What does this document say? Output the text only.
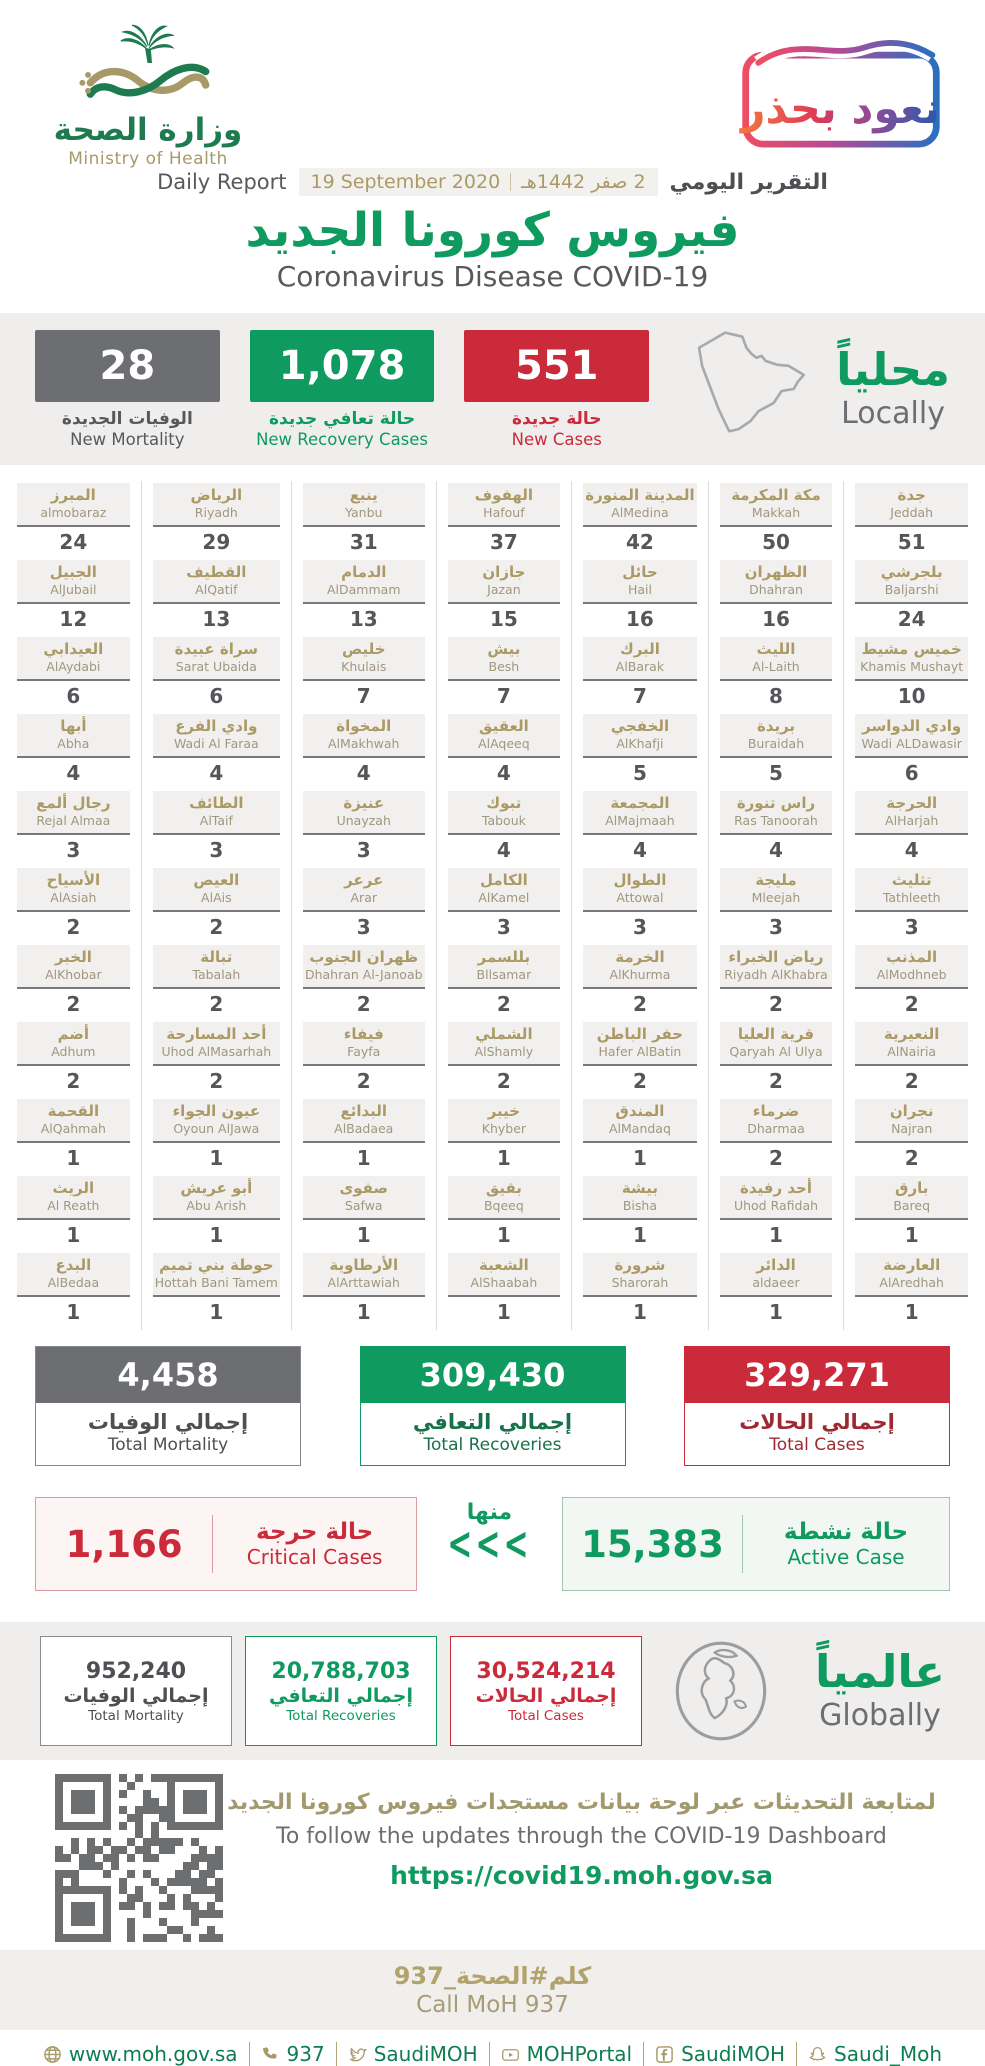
وزارة الصحة
Ministry of Health
نعود بحذر
Daily Report 19 September 2020 2 صفر 1442هـ التقرير اليومي
فيروس كورونا الجديد
Coronavirus Disease COVID-19
28
الوفيات الجديدة
New Mortality
1,078
حالة تعافي جديدة
New Recovery Cases
551
حالة جديدة
New Cases
محلياً
Locally
المبرز
almobaraz
24
الجبيل
AlJubail
12
العيدابي
AlAydabi
6
أبها
Abha
4
رجال ألمع
Rejal Almaa
3
الأسياح
AlAsiah
2
الخبر
AlKhobar
2
أضم
Adhum
2
القحمة
AlQahmah
1
الريث
Al Reath
1
البدع
AlBedaa
1
الرياض
Riyadh
29
القطيف
AlQatif
13
سراة عبيدة
Sarat Ubaida
6
وادي الفرع
Wadi Al Faraa
4
الطائف
AlTaif
3
العيص
AlAis
2
تبالة
Tabalah
2
أحد المسارحة
Uhod AlMasarhah
2
عيون الجواء
Oyoun AlJawa
1
أبو عريش
Abu Arish
1
حوطة بني تميم
Hottah Bani Tamem
1
ينبع
Yanbu
31
الدمام
AlDammam
13
خليص
Khulais
7
المخواة
AlMakhwah
4
عنيزة
Unayzah
3
عرعر
Arar
3
ظهران الجنوب
Dhahran Al-Janoab
2
فيفاء
Fayfa
2
البدائع
AlBadaea
1
صفوى
Safwa
1
الأرطاوية
AlArttawiah
1
الهفوف
Hafouf
37
جازان
Jazan
15
بيش
Besh
7
العقيق
AlAqeeq
4
تبوك
Tabouk
4
الكامل
AlKamel
3
بللسمر
Bllsamar
2
الشملي
AlShamly
2
خيبر
Khyber
1
بقيق
Bqeeq
1
الشعبة
AlShaabah
1
المدينة المنورة
AlMedina
42
حائل
Hail
16
البرك
AlBarak
7
الخفجي
AlKhafji
5
المجمعة
AlMajmaah
4
الطوال
Attowal
3
الخرمة
AlKhurma
2
حفر الباطن
Hafer AlBatin
2
المندق
AlMandaq
1
بيشة
Bisha
1
شرورة
Sharorah
1
مكة المكرمة
Makkah
50
الظهران
Dhahran
16
الليث
Al-Laith
8
بريدة
Buraidah
5
راس تنورة
Ras Tanoorah
4
مليجة
Mleejah
3
رياض الخبراء
Riyadh AlKhabra
2
قرية العليا
Qaryah Al Ulya
2
ضرماء
Dharmaa
2
أحد رفيدة
Uhod Rafidah
1
الدائر
aldaeer
1
جدة
Jeddah
51
بلجرشي
Baljarshi
24
خميس مشيط
Khamis Mushayt
10
وادي الدواسر
Wadi ALDawasir
6
الحرجة
AlHarjah
4
تثليث
Tathleeth
3
المذنب
AlModhneb
2
النعيرية
AlNairia
2
نجران
Najran
2
بارق
Bareq
1
العارضة
AlAredhah
1
4,458
إجمالي الوفيات
Total Mortality
309,430
إجمالي التعافي
Total Recoveries
329,271
إجمالي الحالات
Total Cases
1,166	حالة حرجة
Critical Cases
منها
<<<	15,383	حالة نشطة
Active Case
952,240
إجمالي الوفيات
Total Mortality
20,788,703
إجمالي التعافي
Total Recoveries
30,524,214
إجمالي الحالات
Total Cases
عالمياً
Globally
لمتابعة التحديثات عبر لوحة بيانات مستجدات فيروس كورونا الجديد
To follow the updates through the COVID-19 Dashboard
https://covid19.moh.gov.sa
كلم#الصحة_937
Call MoH 937
www.moh.gov.sa 937 SaudiMOH MOHPortal SaudiMOH Saudi_Moh
